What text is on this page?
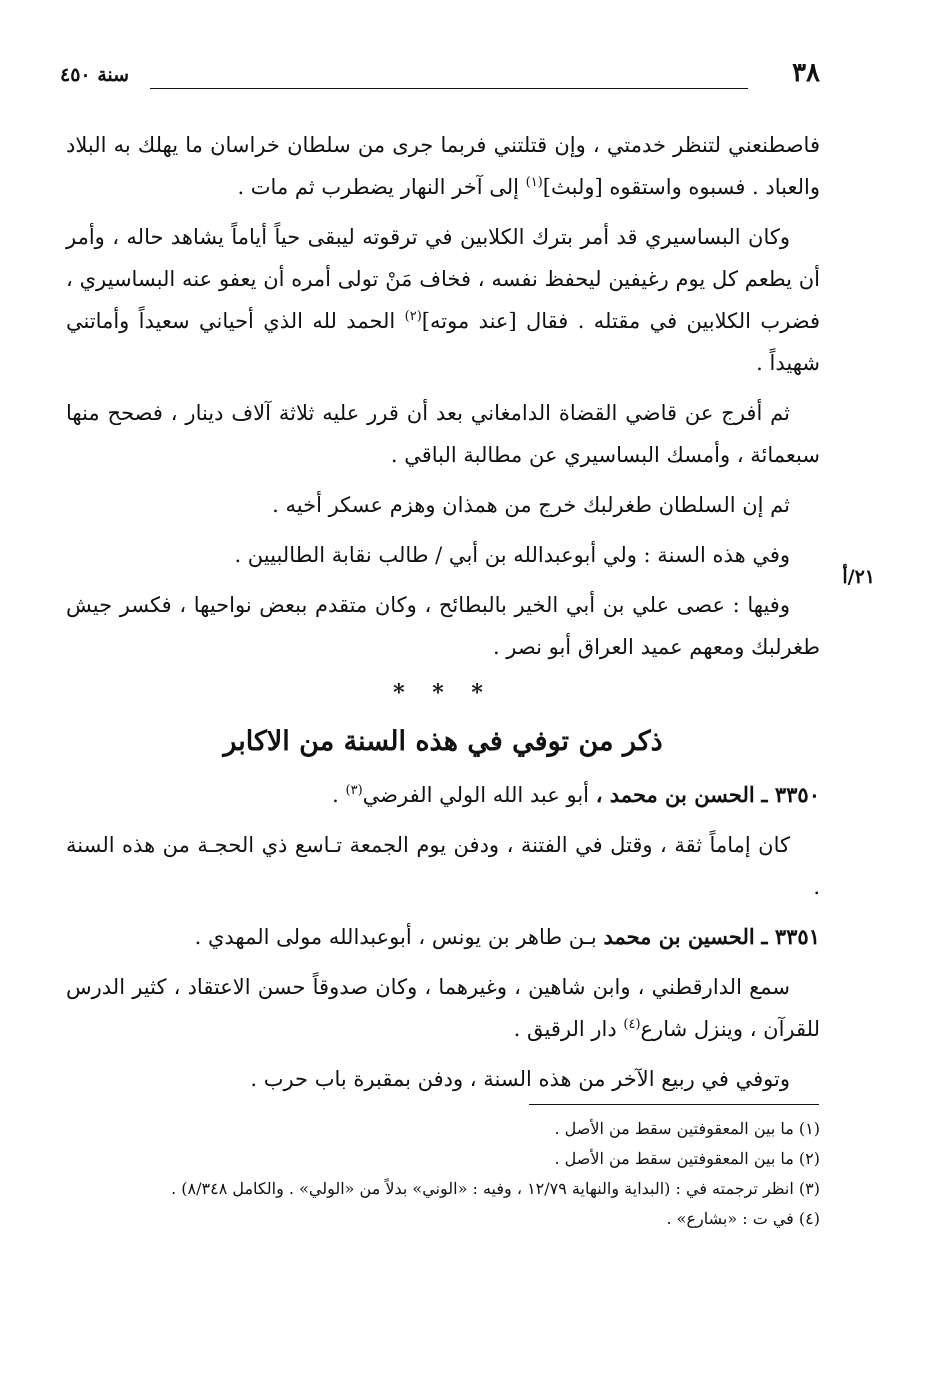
٣٨
سنة ٤٥٠
٢١/أ

فاصطنعني لتنظر خدمتي ، وإن قتلتني فربما جرى من سلطان خراسان ما يهلك به البلاد والعباد . فسبوه واستقوه [ولبث]$^{(١)}$ إلى آخر النهار يضطرب ثم مات .

وكان البساسيري قد أمر بترك الكلابين في ترقوته ليبقى حياً أياماً يشاهد حاله ، وأمر أن يطعم كل يوم رغيفين ليحفظ نفسه ، فخاف مَنْ تولى أمره أن يعفو عنه البساسيري ، فضرب الكلابين في مقتله . فقال [عند موته]$^{(٢)}$ الحمد لله الذي أحياني سعيداً وأماتني شهيداً .

ثم أفرج عن قاضي القضاة الدامغاني بعد أن قرر عليه ثلاثة آلاف دينار ، فصحح منها سبعمائة ، وأمسك البساسيري عن مطالبة الباقي .

ثم إن السلطان طغرلبك خرج من همذان وهزم عسكر أخيه .

وفي هذه السنة : ولي أبوعبدالله بن أبي / طالب نقابة الطالبيين .

وفيها : عصى علي بن أبي الخير بالبطائح ، وكان متقدم ببعض نواحيها ، فكسر جيش طغرلبك ومعهم عميد العراق أبو نصر .

* * *

ذكر من توفي في هذه السنة من الاكابر

٣٣٥٠ ـ الحسن بن محمد ، أبو عبد الله الولي الفرضي$^{(٣)}$ .

كان إماماً ثقة ، وقتل في الفتنة ، ودفن يوم الجمعة تـاسع ذي الحجـة من هذه السنة .

٣٣٥١ ـ الحسين بن محمد بـن طاهر بن يونس ، أبوعبدالله مولى المهدي .

سمع الدارقطني ، وابن شاهين ، وغيرهما ، وكان صدوقاً حسن الاعتقاد ، كثير الدرس للقرآن ، وينزل شارع$^{(٤)}$ دار الرقيق .

وتوفي في ربيع الآخر من هذه السنة ، ودفن بمقبرة باب حرب .

(١) ما بين المعقوفتين سقط من الأصل .
(٢) ما بين المعقوفتين سقط من الأصل .
(٣) انظر ترجمته في : (البداية والنهاية ١٢/٧٩ ، وفيه : «الوني» بدلاً من «الولي» . والكامل ٨/٣٤٨) .
(٤) في ت : «بشارع» .
